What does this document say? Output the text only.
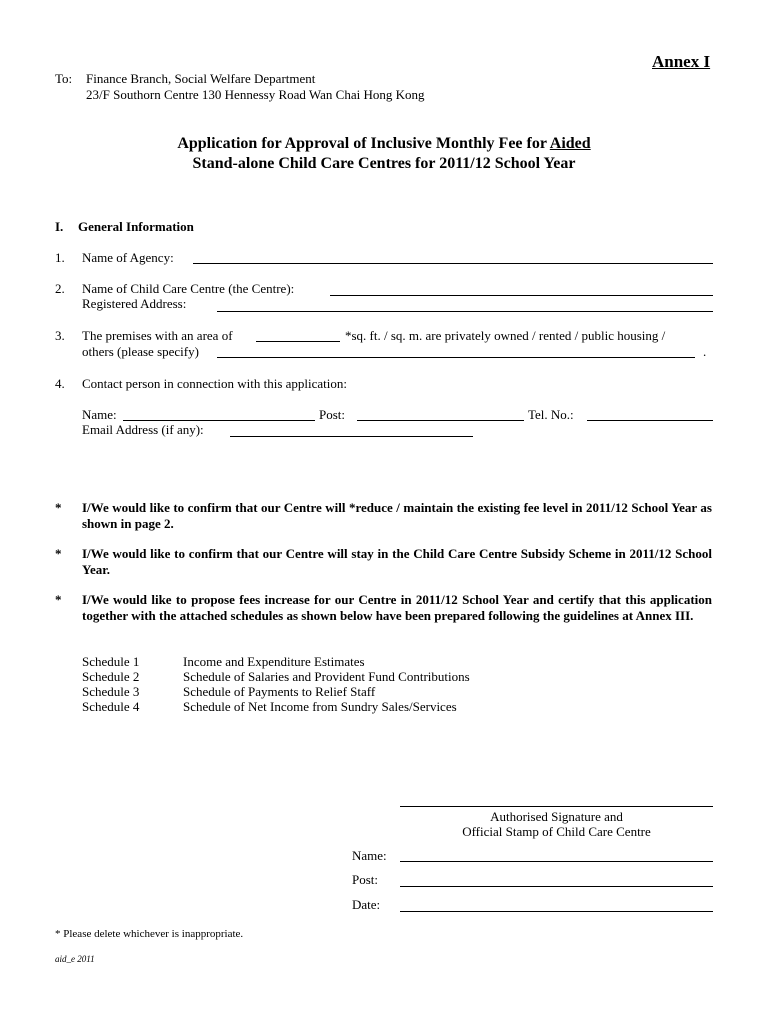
Annex I
To: Finance Branch, Social Welfare Department
23/F Southorn Centre 130 Hennessy Road Wan Chai Hong Kong
Application for Approval of Inclusive Monthly Fee for Aided
Stand-alone Child Care Centres for 2011/12 School Year
I. General Information
1. Name of Agency:
2. Name of Child Care Centre (the Centre):
Registered Address:
3. The premises with an area of	*sq. ft. / sq. m. are privately owned / rented / public housing /
others (please specify)	.
4. Contact person in connection with this application:
Name:	Post:	Tel. No.:
Email Address (if any):
* I/We would like to confirm that our Centre will *reduce / maintain the existing fee level in 2011/12 School Year as shown in page 2.
* I/We would like to confirm that our Centre will stay in the Child Care Centre Subsidy Scheme in 2011/12 School Year.
* I/We would like to propose fees increase for our Centre in 2011/12 School Year and certify that this application together with the attached schedules as shown below have been prepared following the guidelines at Annex III.
Schedule 1	Income and Expenditure Estimates
Schedule 2	Schedule of Salaries and Provident Fund Contributions
Schedule 3	Schedule of Payments to Relief Staff
Schedule 4	Schedule of Net Income from Sundry Sales/Services
Authorised Signature and
Official Stamp of Child Care Centre
Name:
Post:
Date:
* Please delete whichever is inappropriate.
aid_e 2011
